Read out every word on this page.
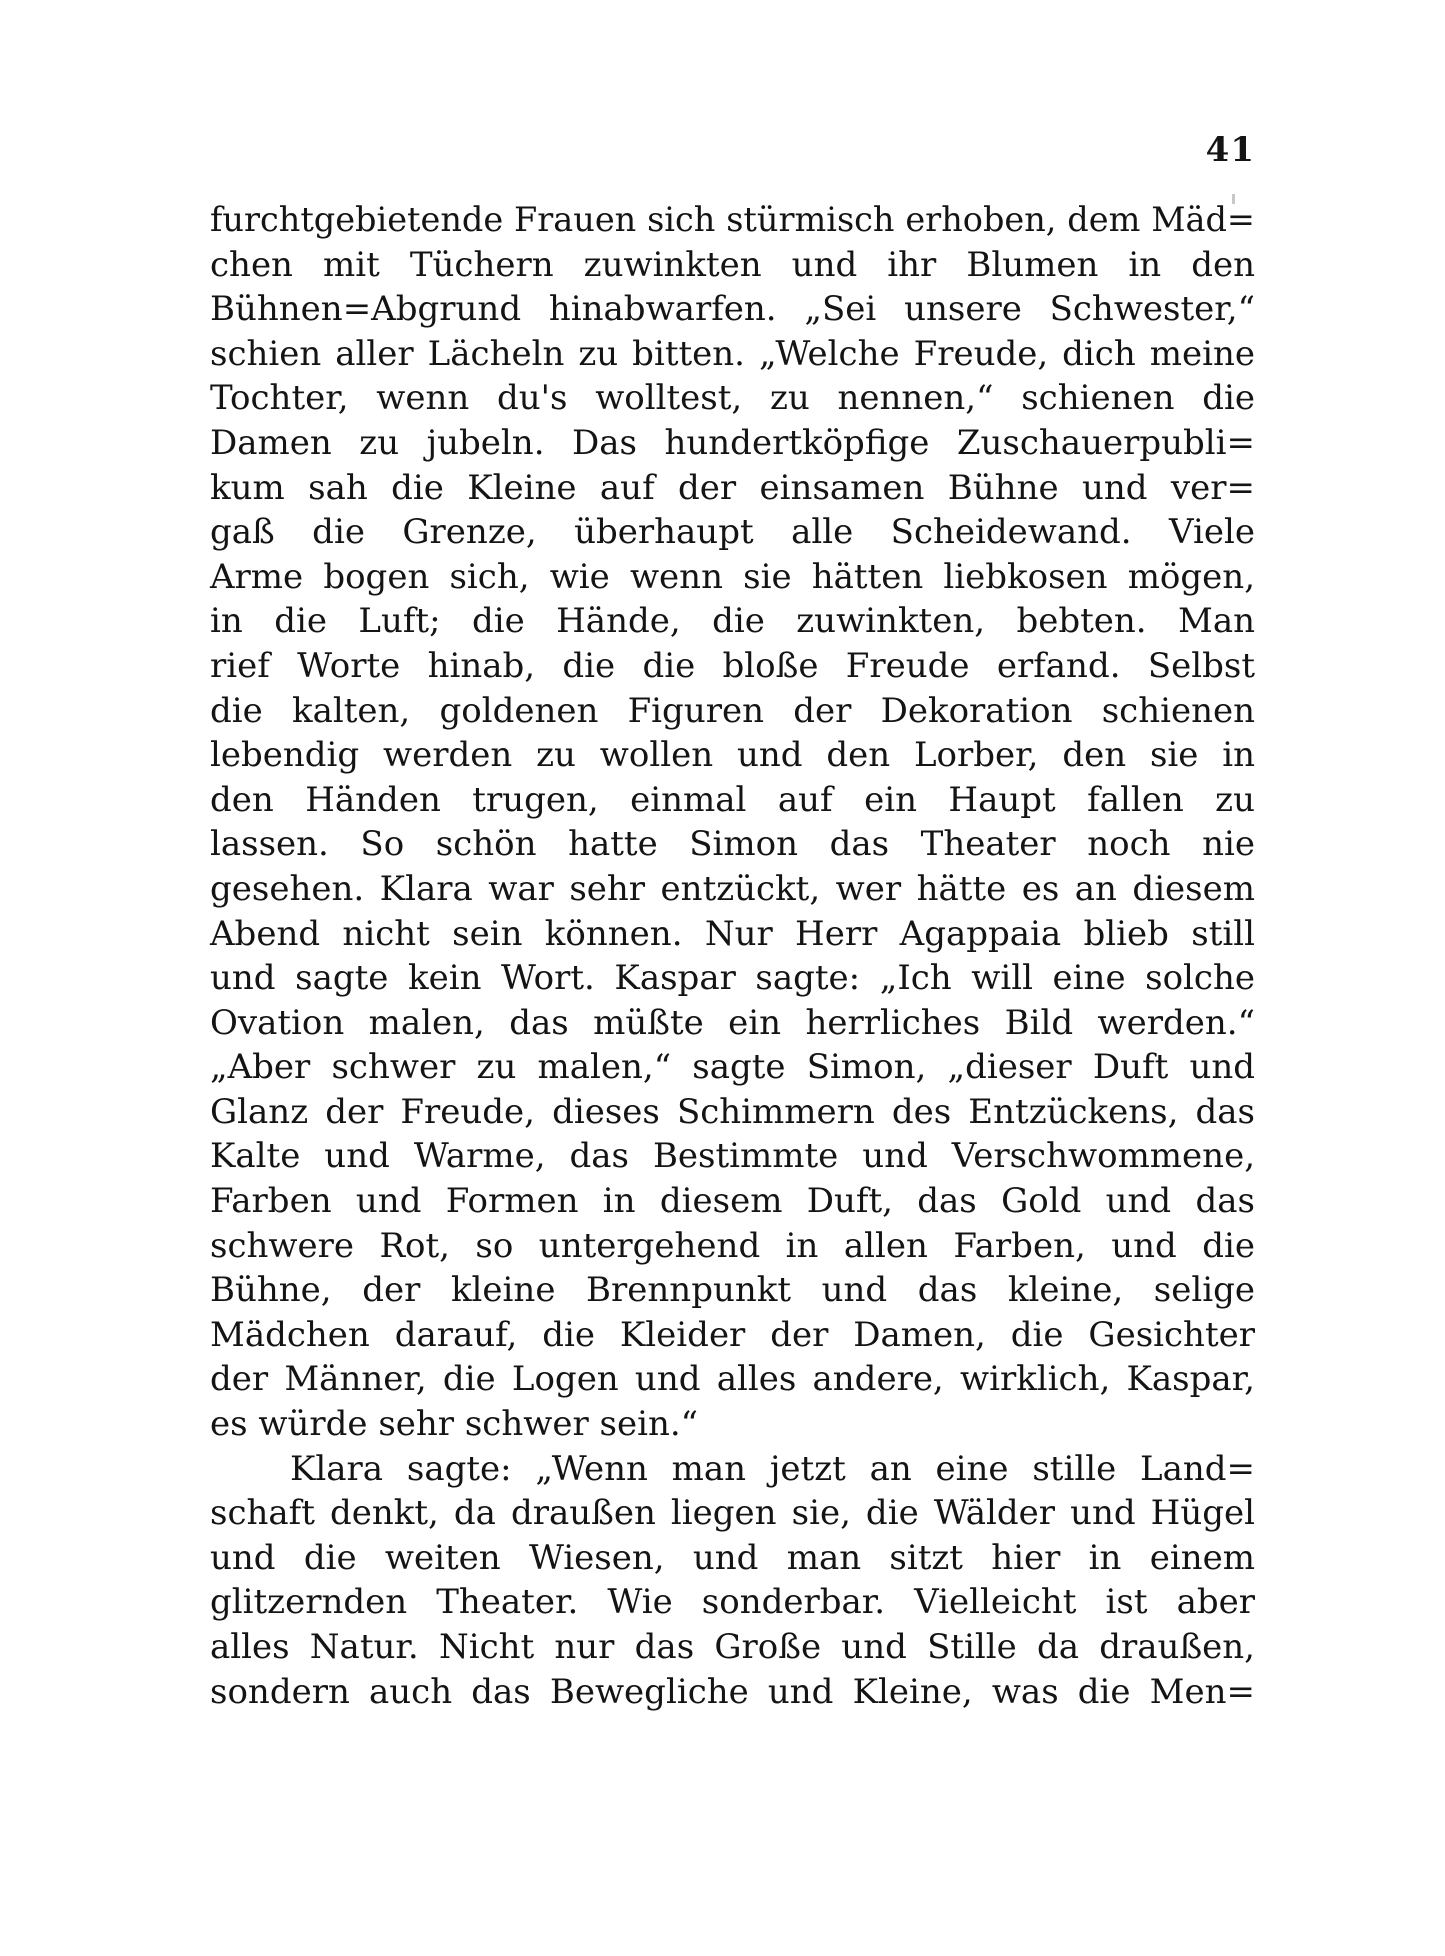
41
furchtgebietende Frauen sich stürmisch erhoben, dem Mäd=
chen mit Tüchern zuwinkten und ihr Blumen in den
Bühnen=Abgrund hinabwarfen. „Sei unsere Schwester,“
schien aller Lächeln zu bitten. „Welche Freude, dich meine
Tochter, wenn du's wolltest, zu nennen,“ schienen die
Damen zu jubeln. Das hundertköpfige Zuschauerpubli=
kum sah die Kleine auf der einsamen Bühne und ver=
gaß die Grenze, überhaupt alle Scheidewand. Viele
Arme bogen sich, wie wenn sie hätten liebkosen mögen,
in die Luft; die Hände, die zuwinkten, bebten. Man
rief Worte hinab, die die bloße Freude erfand. Selbst
die kalten, goldenen Figuren der Dekoration schienen
lebendig werden zu wollen und den Lorber, den sie in
den Händen trugen, einmal auf ein Haupt fallen zu
lassen. So schön hatte Simon das Theater noch nie
gesehen. Klara war sehr entzückt, wer hätte es an diesem
Abend nicht sein können. Nur Herr Agappaia blieb still
und sagte kein Wort. Kaspar sagte: „Ich will eine solche
Ovation malen, das müßte ein herrliches Bild werden.“
„Aber schwer zu malen,“ sagte Simon, „dieser Duft und
Glanz der Freude, dieses Schimmern des Entzückens, das
Kalte und Warme, das Bestimmte und Verschwommene,
Farben und Formen in diesem Duft, das Gold und das
schwere Rot, so untergehend in allen Farben, und die
Bühne, der kleine Brennpunkt und das kleine, selige
Mädchen darauf, die Kleider der Damen, die Gesichter
der Männer, die Logen und alles andere, wirklich, Kaspar,
es würde sehr schwer sein.“
Klara sagte: „Wenn man jetzt an eine stille Land=
schaft denkt, da draußen liegen sie, die Wälder und Hügel
und die weiten Wiesen, und man sitzt hier in einem
glitzernden Theater. Wie sonderbar. Vielleicht ist aber
alles Natur. Nicht nur das Große und Stille da draußen,
sondern auch das Bewegliche und Kleine, was die Men=
